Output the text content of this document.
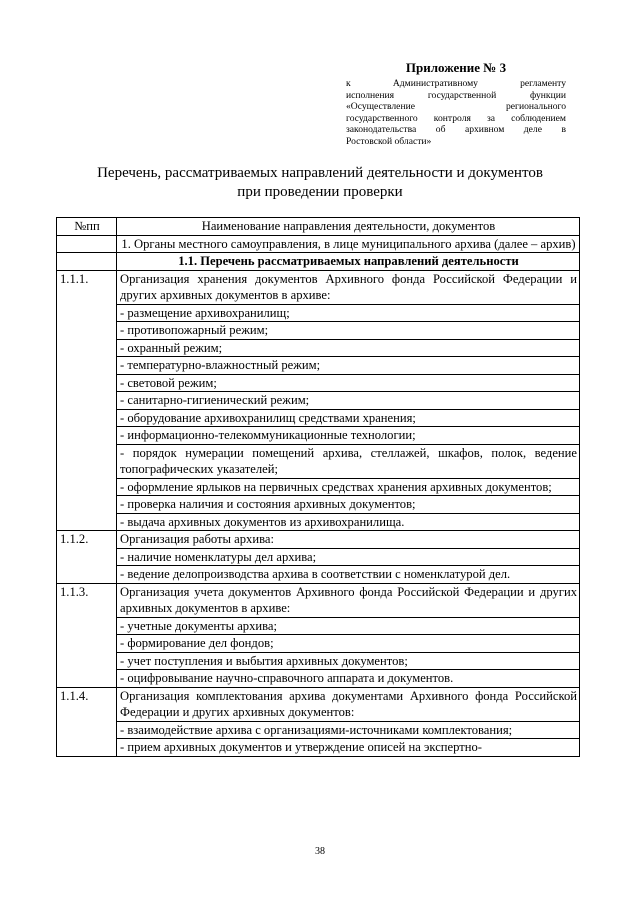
Приложение № 3
к Административному регламенту
исполнения государственной функции
«Осуществление регионального
государственного контроля за соблюдением
законодательства об архивном деле в
Ростовской области»
Перечень, рассматриваемых направлений деятельности и документов
при проведении проверки
№пп	Наименование направления деятельности, документов
	1. Органы местного самоуправления, в лице муниципального архива (далее – архив)
	1.1. Перечень рассматриваемых направлений деятельности
1.1.1.	Организация хранения документов Архивного фонда Российской Федерации и других архивных документов в архиве:
	- размещение архивохранилищ;
	- противопожарный режим;
	- охранный режим;
	- температурно-влажностный режим;
	- световой режим;
	- санитарно-гигиенический режим;
	- оборудование архивохранилищ средствами хранения;
	- информационно-телекоммуникационные технологии;
	- порядок нумерации помещений архива, стеллажей, шкафов, полок, ведение топографических указателей;
	- оформление ярлыков на первичных средствах хранения архивных документов;
	- проверка наличия и состояния архивных документов;
	- выдача архивных документов из архивохранилища.
1.1.2.	Организация работы архива:
	- наличие номенклатуры дел архива;
	- ведение делопроизводства архива в соответствии с номенклатурой дел.
1.1.3.	Организация учета документов Архивного фонда Российской Федерации и других архивных документов в архиве:
	- учетные документы архива;
	- формирование дел фондов;
	- учет поступления и выбытия архивных документов;
	- оцифровывание научно-справочного аппарата и документов.
1.1.4.	Организация комплектования архива документами Архивного фонда Российской Федерации и других архивных документов:
	- взаимодействие архива с организациями-источниками комплектования;
	- прием архивных документов и утверждение описей на экспертно-
38
